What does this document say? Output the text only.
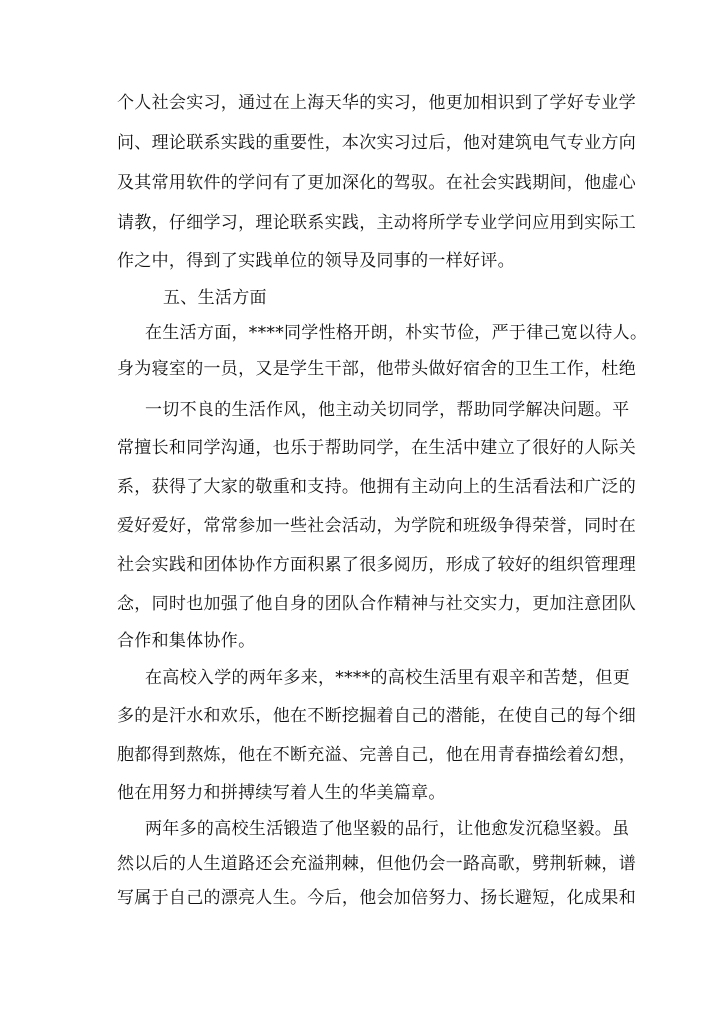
个人社会实习，通过在上海天华的实习，他更加相识到了学好专业学
问、理论联系实践的重要性，本次实习过后，他对建筑电气专业方向
及其常用软件的学问有了更加深化的驾驭。在社会实践期间，他虚心
请教，仔细学习，理论联系实践，主动将所学专业学问应用到实际工
作之中，得到了实践单位的领导及同事的一样好评。
五、生活方面
在生活方面，****同学性格开朗，朴实节俭，严于律己宽以待人。
身为寝室的一员，又是学生干部，他带头做好宿舍的卫生工作，杜绝
一切不良的生活作风，他主动关切同学，帮助同学解决问题。平
常擅长和同学沟通，也乐于帮助同学，在生活中建立了很好的人际关
系，获得了大家的敬重和支持。他拥有主动向上的生活看法和广泛的
爱好爱好，常常参加一些社会活动，为学院和班级争得荣誉，同时在
社会实践和团体协作方面积累了很多阅历，形成了较好的组织管理理
念，同时也加强了他自身的团队合作精神与社交实力，更加注意团队
合作和集体协作。
在高校入学的两年多来，****的高校生活里有艰辛和苦楚，但更
多的是汗水和欢乐，他在不断挖掘着自己的潜能，在使自己的每个细
胞都得到熬炼，他在不断充溢、完善自己，他在用青春描绘着幻想，
他在用努力和拼搏续写着人生的华美篇章。
两年多的高校生活锻造了他坚毅的品行，让他愈发沉稳坚毅。虽
然以后的人生道路还会充溢荆棘，但他仍会一路高歌，劈荆斩棘，谱
写属于自己的漂亮人生。今后，他会加倍努力、扬长避短，化成果和
